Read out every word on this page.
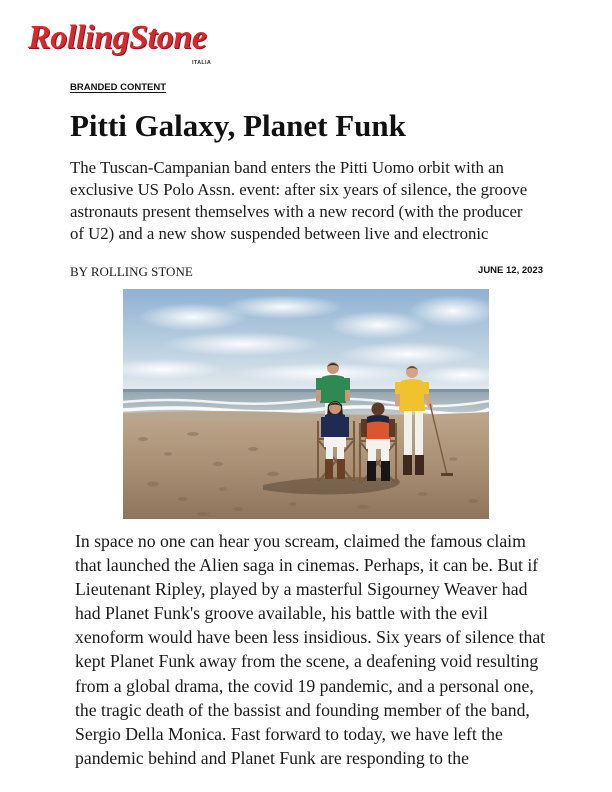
RollingStone
ITALIA
BRANDED CONTENT
Pitti Galaxy, Planet Funk
The Tuscan-Campanian band enters the Pitti Uomo orbit with an
exclusive US Polo Assn. event: after six years of silence, the groove
astronauts present themselves with a new record (with the producer
of U2) and a new show suspended between live and electronic
BY ROLLING STONE	JUNE 12, 2023
In space no one can hear you scream, claimed the famous claim
that launched the Alien saga in cinemas. Perhaps, it can be. But if
Lieutenant Ripley, played by a masterful Sigourney Weaver had
had Planet Funk's groove available, his battle with the evil
xenoform would have been less insidious. Six years of silence that
kept Planet Funk away from the scene, a deafening void resulting
from a global drama, the covid 19 pandemic, and a personal one,
the tragic death of the bassist and founding member of the band,
Sergio Della Monica. Fast forward to today, we have left the
pandemic behind and Planet Funk are responding to the
